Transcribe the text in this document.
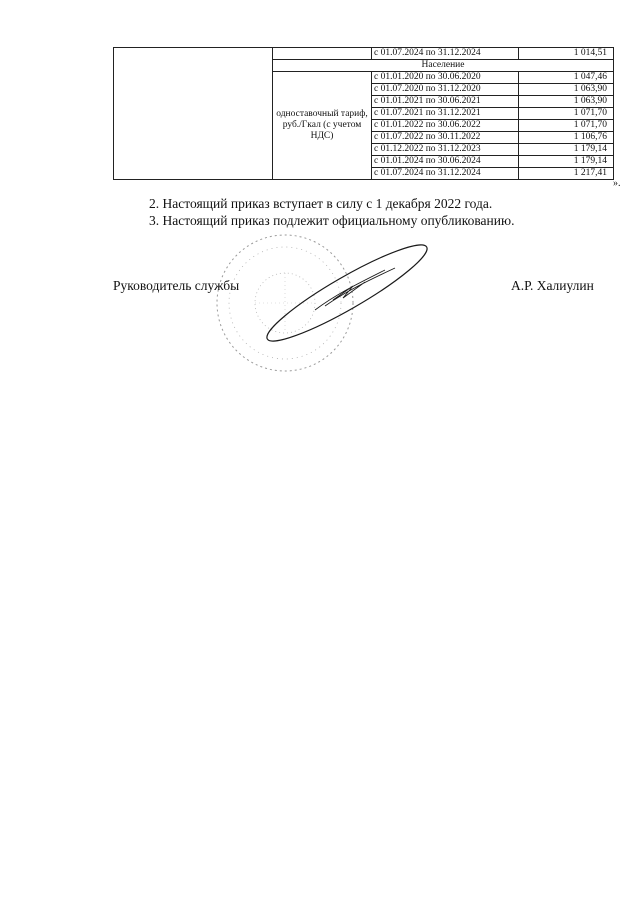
		с 01.07.2024 по 31.12.2024	1 014,51
	Население		
	одноставочный тариф, руб./Гкал (с учетом НДС)	с 01.01.2020 по 30.06.2020	1 047,46
		с 01.07.2020 по 31.12.2020	1 063,90
		с 01.01.2021 по 30.06.2021	1 063,90
		с 01.07.2021 по 31.12.2021	1 071,70
		с 01.01.2022 по 30.06.2022	1 071,70
		с 01.07.2022 по 30.11.2022	1 106,76
		с 01.12.2022 по 31.12.2023	1 179,14
		с 01.01.2024 по 30.06.2024	1 179,14
		с 01.07.2024 по 31.12.2024	1 217,41
».
2. Настоящий приказ вступает в силу с 1 декабря 2022 года.
3. Настоящий приказ подлежит официальному опубликованию.
Руководитель службы	А.Р. Халиулин
